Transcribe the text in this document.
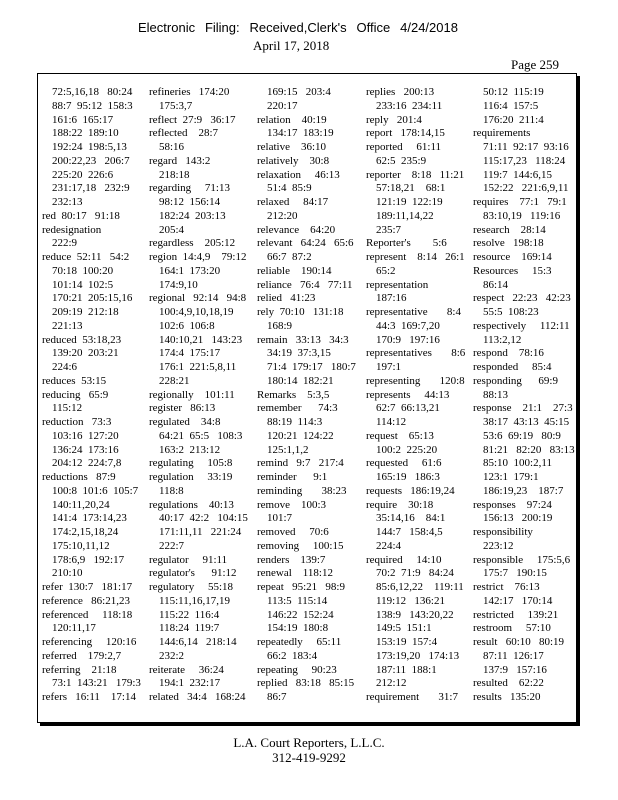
Electronic Filing: Received,Clerk's Office 4/24/2018
April 17, 2018
Page 259
72:5,16,18   80:24
88:7  95:12  158:3
161:6  165:17
188:22  189:10
192:24  198:5,13
200:22,23   206:7
225:20  226:6
231:17,18   232:9
232:13
red  80:17   91:18
redesignation
222:9
reduce  52:11   54:2
70:18  100:20
101:14  102:5
170:21  205:15,16
209:19  212:18
221:13
reduced  53:18,23
139:20  203:21
224:6
reduces  53:15
reducing   65:9
115:12
reduction   73:3
103:16  127:20
136:24  173:16
204:12  224:7,8
reductions   87:9
100:8  101:6  105:7
140:11,20,24
141:4  173:14,23
174:2,15,18,24
175:10,11,12
178:6,9   192:17
210:10
refer  130:7   181:17
reference   86:21,23
referenced     118:18
120:11,17
referencing     120:16
referred    179:2,7
referring    21:18
73:1  143:21   179:3
refers   16:11    17:14
refineries   174:20
175:3,7
reflect  27:9   36:17
reflected    28:7
58:16
regard   143:2
218:18
regarding     71:13
98:12  156:14
182:24  203:13
205:4
regardless    205:12
region  14:4,9    79:12
164:1  173:20
174:9,10
regional   92:14   94:8
100:4,9,10,18,19
102:6  106:8
140:10,21   143:23
174:4  175:17
176:1  221:5,8,11
228:21
regionally    101:11
register   86:13
regulated    34:8
64:21  65:5   108:3
163:2  213:12
regulating     105:8
regulation     33:19
118:8
regulations    40:13
40:17  42:2   104:15
171:11,11   221:24
222:7
regulator     91:11
regulator's      91:12
regulatory     55:18
115:11,16,17,19
115:22  116:4
118:24  119:7
144:6,14   218:14
232:2
reiterate     36:24
194:1  232:17
related   34:4   168:24
169:15   203:4
220:17
relation    40:19
134:17  183:19
relative    36:10
relatively    30:8
relaxation     46:13
51:4  85:9
relaxed     84:17
212:20
relevance    64:20
relevant   64:24   65:6
66:7  87:2
reliable    190:14
reliance   76:4   77:11
relied   41:23
rely  70:10   131:18
168:9
remain   33:13   34:3
34:19  37:3,15
71:4  179:17   180:7
180:14  182:21
Remarks    5:3,5
remember      74:3
88:19  114:3
120:21  124:22
125:1,1,2
remind   9:7   217:4
reminder      9:1
reminding       38:23
remove    100:3
101:7
removed     70:6
removing     100:15
renders    139:7
renewal    118:12
repeat   95:21   98:9
113:5  115:14
146:22  152:24
154:19  180:8
repeatedly     65:11
66:2  183:4
repeating     90:23
replied   83:18   85:15
86:7
replies   200:13
233:16  234:11
reply   201:4
report   178:14,15
reported     61:11
62:5  235:9
reporter    8:18   11:21
57:18,21    68:1
121:19  122:19
189:11,14,22
235:7
Reporter's        5:6
represent    8:14   26:1
65:2
representation
187:16
representative       8:4
44:3  169:7,20
170:9   197:16
representatives       8:6
197:1
representing       120:8
represents     44:13
62:7  66:13,21
114:12
request    65:13
100:2  225:20
requested     61:6
165:19   186:3
requests   186:19,24
require    30:18
35:14,16    84:1
144:7   158:4,5
224:4
required     14:10
70:2  71:9   84:24
85:6,12,22    119:11
119:12   136:21
138:9   143:20,22
149:5  151:1
153:19  157:4
173:19,20   174:13
187:11  188:1
212:12
requirement       31:7
50:12  115:19
116:4  157:5
176:20  211:4
requirements
71:11  92:17  93:16
115:17,23   118:24
119:7  144:6,15
152:22   221:6,9,11
requires    77:1   79:1
83:10,19   119:16
research    28:14
resolve   198:18
resource    169:14
Resources     15:3
86:14
respect   22:23   42:23
55:5  108:23
respectively     112:11
113:2,12
respond    78:16
responded     85:4
responding      69:9
88:13
response    21:1    27:3
38:17  43:13  45:15
53:6  69:19   80:9
81:21   82:20   83:13
85:10  100:2,11
123:1  179:1
186:19,23    187:7
responses    97:24
156:13   200:19
responsibility
223:12
responsible     175:5,6
175:7   190:15
restrict    76:13
142:17   170:14
restricted     139:21
restroom     57:10
result   60:10   80:19
87:11  126:17
137:9   157:16
resulted    62:22
results   135:20
L.A. Court Reporters, L.L.C.
312-419-9292
